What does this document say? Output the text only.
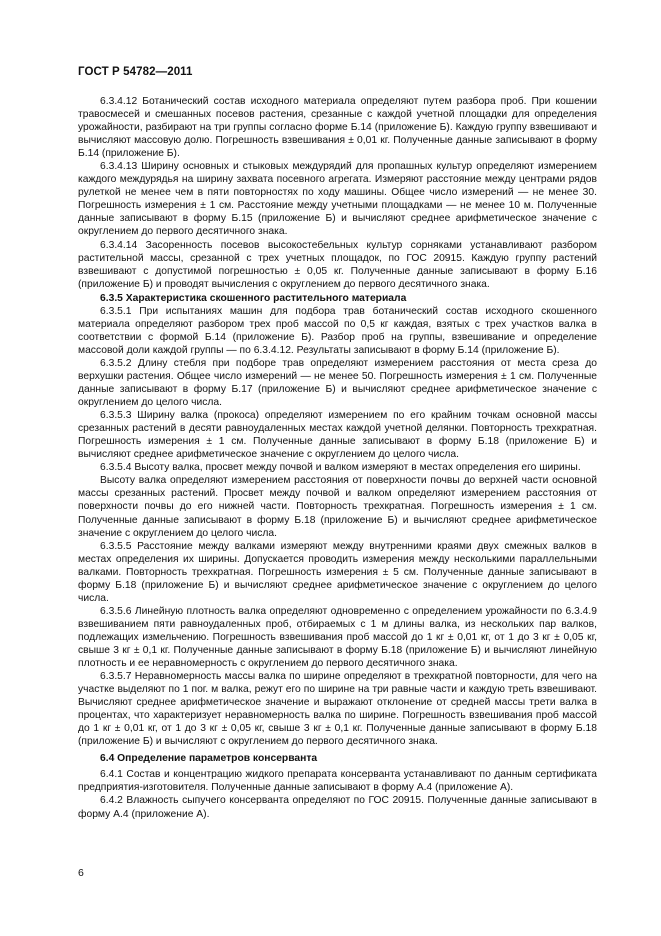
ГОСТ Р 54782—2011

6.3.4.12 Ботанический состав исходного материала определяют путем разбора проб. При кошении травосмесей и смешанных посевов растения, срезанные с каждой учетной площадки для определения урожайности, разбирают на три группы согласно форме Б.14 (приложение Б). Каждую группу взвешивают и вычисляют массовую долю. Погрешность взвешивания ± 0,01 кг. Полученные данные записывают в форму Б.14 (приложение Б).

6.3.4.13 Ширину основных и стыковых междурядий для пропашных культур определяют измерением каждого междурядья на ширину захвата посевного агрегата. Измеряют расстояние между центрами рядов рулеткой не менее чем в пяти повторностях по ходу машины. Общее число измерений — не менее 30. Погрешность измерения ± 1 см. Расстояние между учетными площадками — не менее 10 м. Полученные данные записывают в форму Б.15 (приложение Б) и вычисляют среднее арифметическое значение с округлением до первого десятичного знака.

6.3.4.14 Засоренность посевов высокостебельных культур сорняками устанавливают разбором растительной массы, срезанной с трех учетных площадок, по ГОС 20915. Каждую группу растений взвешивают с допустимой погрешностью ± 0,05 кг. Полученные данные записывают в форму Б.16 (приложение Б) и проводят вычисления с округлением до первого десятичного знака.

6.3.5 Характеристика скошенного растительного материала

6.3.5.1 При испытаниях машин для подбора трав ботанический состав исходного скошенного материала определяют разбором трех проб массой по 0,5 кг каждая, взятых с трех участков валка в соответствии с формой Б.14 (приложение Б). Разбор проб на группы, взвешивание и определение массовой доли каждой группы — по 6.3.4.12. Результаты записывают в форму Б.14 (приложение Б).

6.3.5.2 Длину стебля при подборе трав определяют измерением расстояния от места среза до верхушки растения. Общее число измерений — не менее 50. Погрешность измерения ± 1 см. Полученные данные записывают в форму Б.17 (приложение Б) и вычисляют среднее арифметическое значение с округлением до целого числа.

6.3.5.3 Ширину валка (прокоса) определяют измерением по его крайним точкам основной массы срезанных растений в десяти равноудаленных местах каждой учетной делянки. Повторность трехкратная. Погрешность измерения ± 1 см. Полученные данные записывают в форму Б.18 (приложение Б) и вычисляют среднее арифметическое значение с округлением до целого числа.

6.3.5.4 Высоту валка, просвет между почвой и валком измеряют в местах определения его ширины.

Высоту валка определяют измерением расстояния от поверхности почвы до верхней части основной массы срезанных растений. Просвет между почвой и валком определяют измерением расстояния от поверхности почвы до его нижней части. Повторность трехкратная. Погрешность измерения ± 1 см. Полученные данные записывают в форму Б.18 (приложение Б) и вычисляют среднее арифметическое значение с округлением до целого числа.

6.3.5.5 Расстояние между валками измеряют между внутренними краями двух смежных валков в местах определения их ширины. Допускается проводить измерения между несколькими параллельными валками. Повторность трехкратная. Погрешность измерения ± 5 см. Полученные данные записывают в форму Б.18 (приложение Б) и вычисляют среднее арифметическое значение с округлением до целого числа.

6.3.5.6 Линейную плотность валка определяют одновременно с определением урожайности по 6.3.4.9 взвешиванием пяти равноудаленных проб, отбираемых с 1 м длины валка, из нескольких пар валков, подлежащих измельчению. Погрешность взвешивания проб массой до 1 кг ± 0,01 кг, от 1 до 3 кг ± 0,05 кг, свыше 3 кг ± 0,1 кг. Полученные данные записывают в форму Б.18 (приложение Б) и вычисляют линейную плотность и ее неравномерность с округлением до первого десятичного знака.

6.3.5.7 Неравномерность массы валка по ширине определяют в трехкратной повторности, для чего на участке выделяют по 1 пог. м валка, режут его по ширине на три равные части и каждую треть взвешивают. Вычисляют среднее арифметическое значение и выражают отклонение от средней массы трети валка в процентах, что характеризует неравномерность валка по ширине. Погрешность взвешивания проб массой до 1 кг ± 0,01 кг, от 1 до 3 кг ± 0,05 кг, свыше 3 кг ± 0,1 кг. Полученные данные записывают в форму Б.18 (приложение Б) и вычисляют с округлением до первого десятичного знака.

6.4 Определение параметров консерванта

6.4.1 Состав и концентрацию жидкого препарата консерванта устанавливают по данным сертификата предприятия-изготовителя. Полученные данные записывают в форму А.4 (приложение А).

6.4.2 Влажность сыпучего консерванта определяют по ГОС 20915. Полученные данные записывают в форму А.4 (приложение А).

6
